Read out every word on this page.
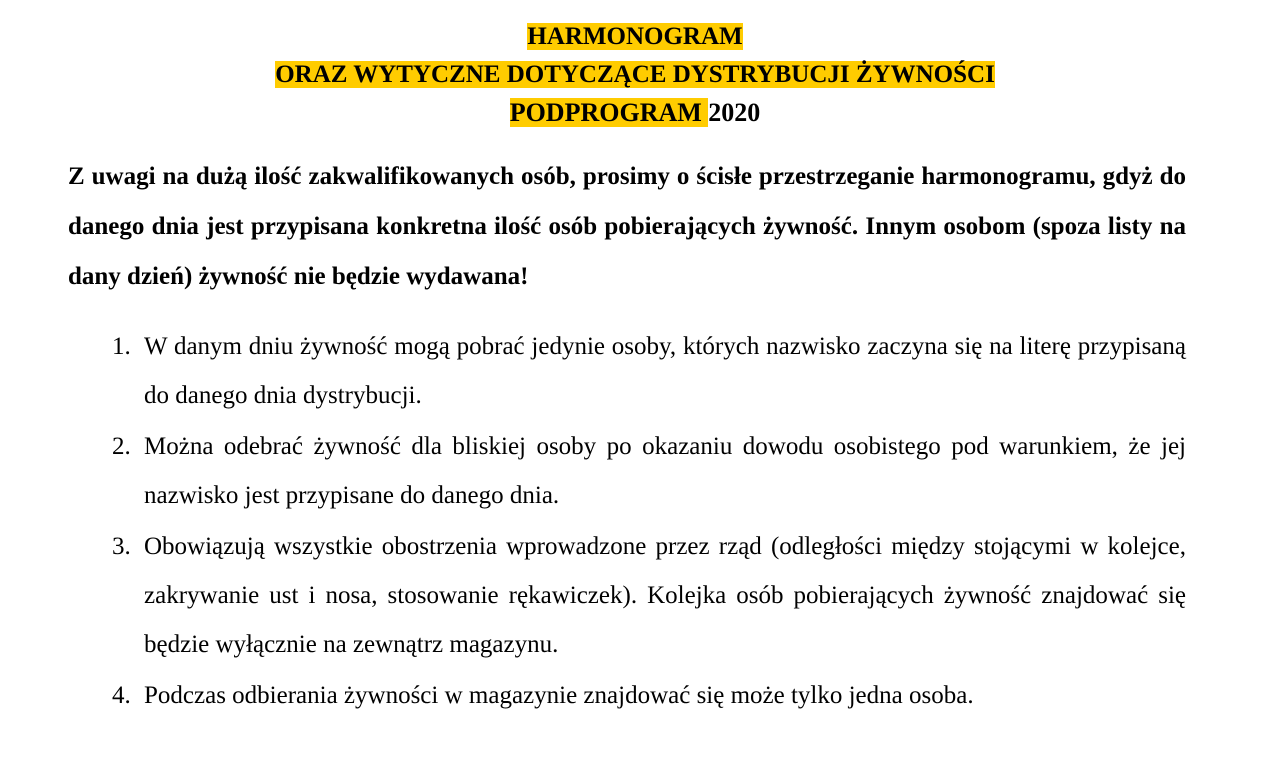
HARMONOGRAM
ORAZ WYTYCZNE DOTYCZĄCE DYSTRYBUCJI ŻYWNOŚCI
PODPROGRAM 2020
Z uwagi na dużą ilość zakwalifikowanych osób, prosimy o ścisłe przestrzeganie harmonogramu, gdyż do danego dnia jest przypisana konkretna ilość osób pobierających żywność. Innym osobom (spoza listy na dany dzień) żywność nie będzie wydawana!
1. W danym dniu żywność mogą pobrać jedynie osoby, których nazwisko zaczyna się na literę przypisaną do danego dnia dystrybucji.
2. Można odebrać żywność dla bliskiej osoby po okazaniu dowodu osobistego pod warunkiem, że jej nazwisko jest przypisane do danego dnia.
3. Obowiązują wszystkie obostrzenia wprowadzone przez rząd (odległości między stojącymi w kolejce, zakrywanie ust i nosa, stosowanie rękawiczek). Kolejka osób pobierających żywność znajdować się będzie wyłącznie na zewnątrz magazynu.
4. Podczas odbierania żywności w magazynie znajdować się może tylko jedna osoba.
